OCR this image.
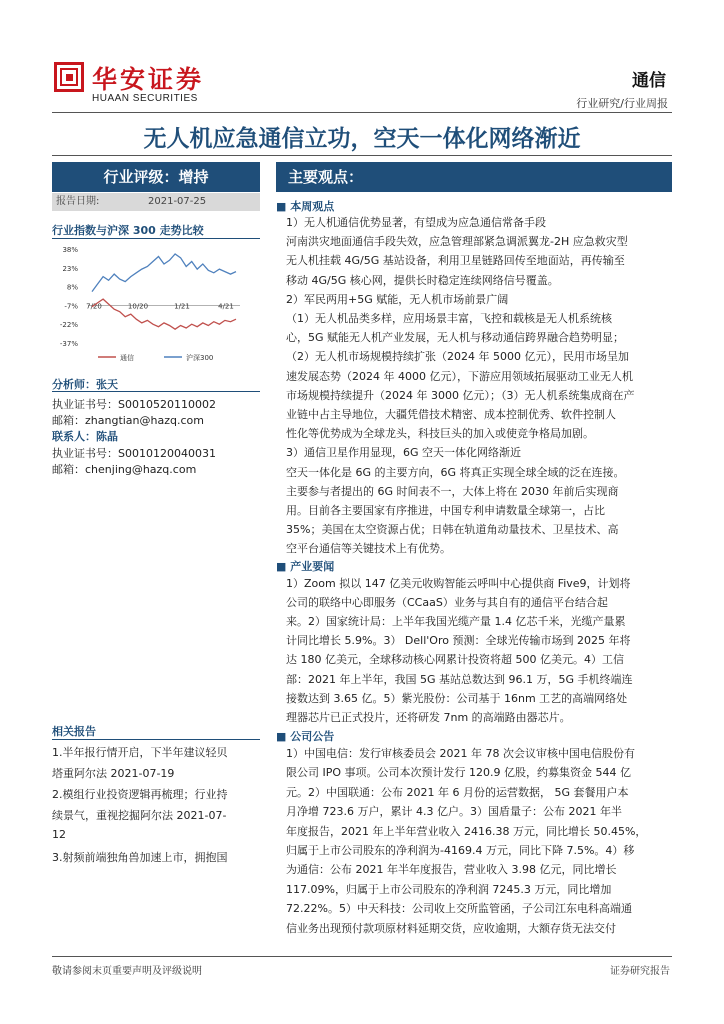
华安证券
HUAAN SECURITIES
通信
行业研究/行业周报
无人机应急通信立功，空天一体化网络渐近
行业评级：增持
报告日期:	2021-07-25
行业指数与沪深 300 走势比较
38%
23%
8%
-7%
-22%
-37%
7/20	10/20	1/21	4/21
通信	沪深300
分析师：张天
执业证书号：S0010520110002
邮箱：zhangtian@hazq.com
联系人：陈晶
执业证书号：S0010120040031
邮箱：chenjing@hazq.com
相关报告
1.半年报行情开启，下半年建议轻贝
塔重阿尔法 2021-07-19
2.模组行业投资逻辑再梳理；行业持
续景气，重视挖掘阿尔法 2021-07-
12
3.射频前端独角兽加速上市，拥抱国
主要观点：
■ 本周观点
1）无人机通信优势显著，有望成为应急通信常备手段
河南洪灾地面通信手段失效，应急管理部紧急调派翼龙-2H 应急救灾型
无人机挂载 4G/5G 基站设备，利用卫星链路回传至地面站，再传输至
移动 4G/5G 核心网，提供长时稳定连续网络信号覆盖。
2）军民两用+5G 赋能，无人机市场前景广阔
（1）无人机品类多样，应用场景丰富，飞控和载核是无人机系统核
心，5G 赋能无人机产业发展，无人机与移动通信跨界融合趋势明显；
（2）无人机市场规模持续扩张（2024 年 5000 亿元），民用市场呈加
速发展态势（2024 年 4000 亿元），下游应用领域拓展驱动工业无人机
市场规模持续提升（2024 年 3000 亿元）；（3）无人机系统集成商在产
业链中占主导地位，大疆凭借技术精密、成本控制优秀、软件控制人
性化等优势成为全球龙头，科技巨头的加入或使竞争格局加剧。
3）通信卫星作用显现，6G 空天一体化网络渐近
空天一体化是 6G 的主要方向，6G 将真正实现全球全域的泛在连接。
主要参与者提出的 6G 时间表不一，大体上将在 2030 年前后实现商
用。目前各主要国家有序推进，中国专利申请数量全球第一，占比
35%；美国在太空资源占优；日韩在轨道角动量技术、卫星技术、高
空平台通信等关键技术上有优势。
■ 产业要闻
1）Zoom 拟以 147 亿美元收购智能云呼叫中心提供商 Five9，计划将
公司的联络中心即服务（CCaaS）业务与其自有的通信平台结合起
来。2）国家统计局：上半年我国光缆产量 1.4 亿芯千米，光缆产量累
计同比增长 5.9%。3） Dell'Oro 预测：全球光传输市场到 2025 年将
达 180 亿美元，全球移动核心网累计投资将超 500 亿美元。4）工信
部：2021 年上半年，我国 5G 基站总数达到 96.1 万，5G 手机终端连
接数达到 3.65 亿。5）紫光股份：公司基于 16nm 工艺的高端网络处
理器芯片已正式投片，还将研发 7nm 的高端路由器芯片。
■ 公司公告
1）中国电信：发行审核委员会 2021 年 78 次会议审核中国电信股份有
限公司 IPO 事项。公司本次预计发行 120.9 亿股，约募集资金 544 亿
元。2）中国联通：公布 2021 年 6 月份的运营数据， 5G 套餐用户本
月净增 723.6 万户，累计 4.3 亿户。3）国盾量子：公布 2021 年半
年度报告，2021 年上半年营业收入 2416.38 万元，同比增长 50.45%，
归属于上市公司股东的净利润为-4169.4 万元，同比下降 7.5%。4）移
为通信：公布 2021 年半年度报告，营业收入 3.98 亿元，同比增长
117.09%，归属于上市公司股东的净利润 7245.3 万元，同比增加
72.22%。5）中天科技：公司收上交所监管函，子公司江东电科高端通
信业务出现预付款项原材料延期交货，应收逾期，大额存货无法交付
敬请参阅末页重要声明及评级说明	证券研究报告
